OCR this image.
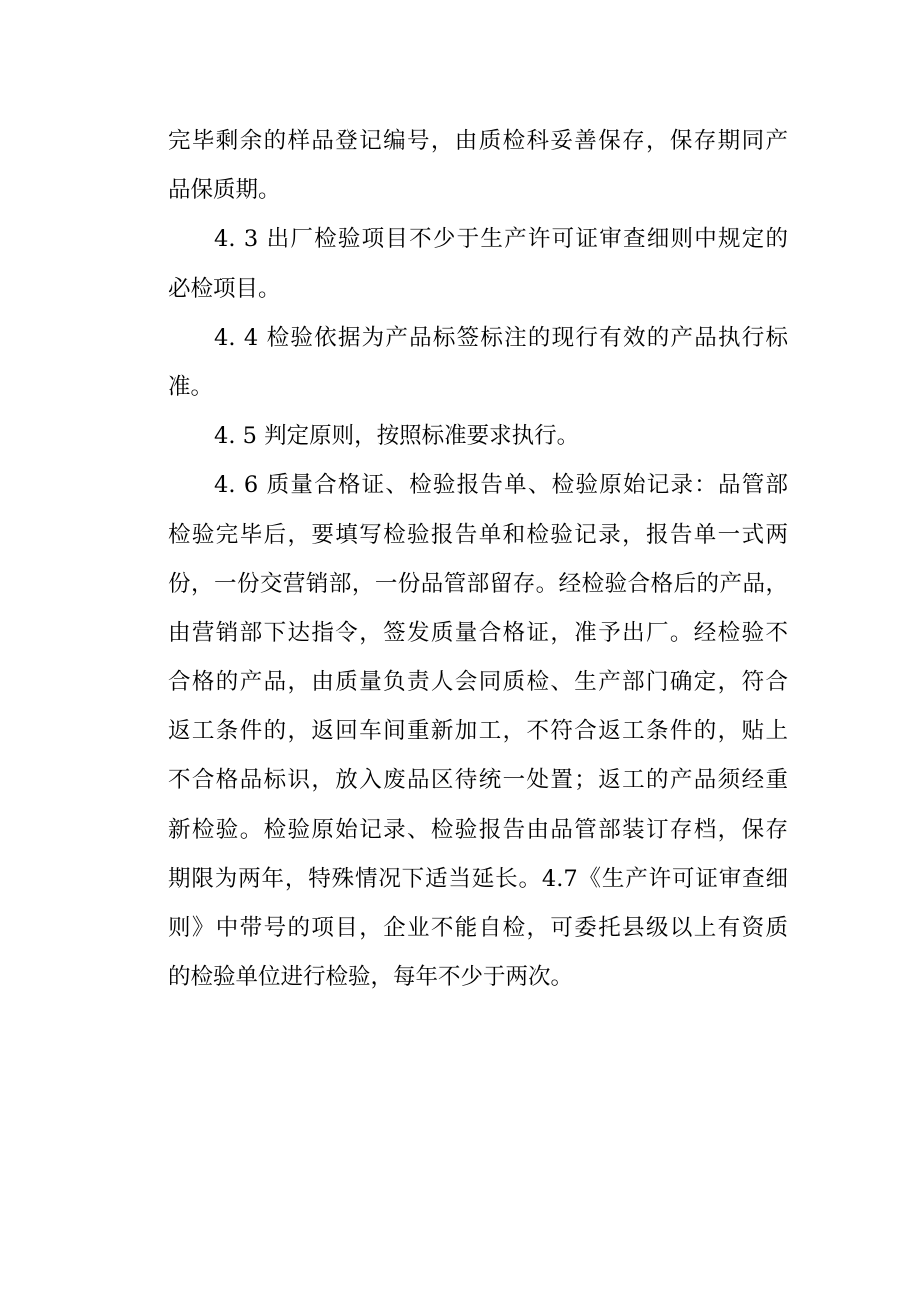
完毕剩余的样品登记编号，由质检科妥善保存，保存期同产
品保质期。
4. 3 出厂检验项目不少于生产许可证审查细则中规定的
必检项目。
4. 4 检验依据为产品标签标注的现行有效的产品执行标
准。
4. 5 判定原则，按照标准要求执行。
4. 6 质量合格证、检验报告单、检验原始记录：品管部
检验完毕后，要填写检验报告单和检验记录，报告单一式两
份，一份交营销部，一份品管部留存。经检验合格后的产品，
由营销部下达指令，签发质量合格证，准予出厂。经检验不
合格的产品，由质量负责人会同质检、生产部门确定，符合
返工条件的，返回车间重新加工，不符合返工条件的，贴上
不合格品标识，放入废品区待统一处置；返工的产品须经重
新检验。检验原始记录、检验报告由品管部装订存档，保存
期限为两年，特殊情况下适当延长。4.7《生产许可证审查细
则》中带号的项目，企业不能自检，可委托县级以上有资质
的检验单位进行检验，每年不少于两次。
